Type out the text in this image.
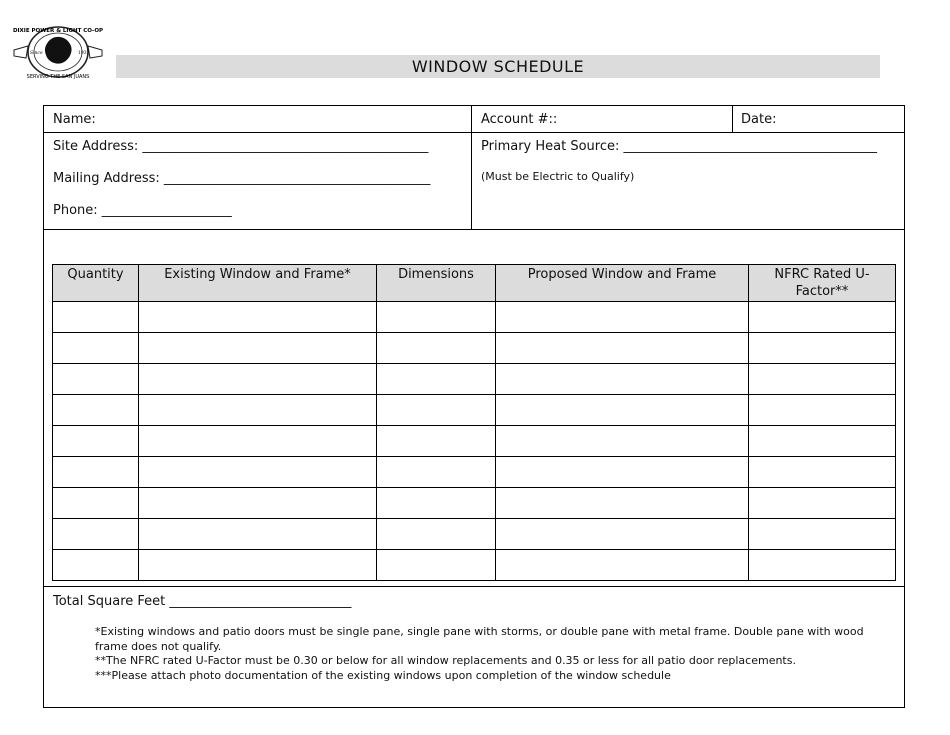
DIXIE POWER & LIGHT CO-OP
SERVING THE SAN JUANS
Since	1937
WINDOW SCHEDULE
Name:	Account #::	Date:
Site Address: ____________________________________________
Mailing Address: _________________________________________
Phone: ____________________
Primary Heat Source: _______________________________________
(Must be Electric to Qualify)
Quantity	Existing Window and Frame*	Dimensions	Proposed Window and Frame	NFRC Rated U-Factor**

Total Square Feet ____________________________
*Existing windows and patio doors must be single pane, single pane with storms, or double pane with metal frame. Double pane with wood frame does not qualify.
**The NFRC rated U-Factor must be 0.30 or below for all window replacements and 0.35 or less for all patio door replacements.
***Please attach photo documentation of the existing windows upon completion of the window schedule
